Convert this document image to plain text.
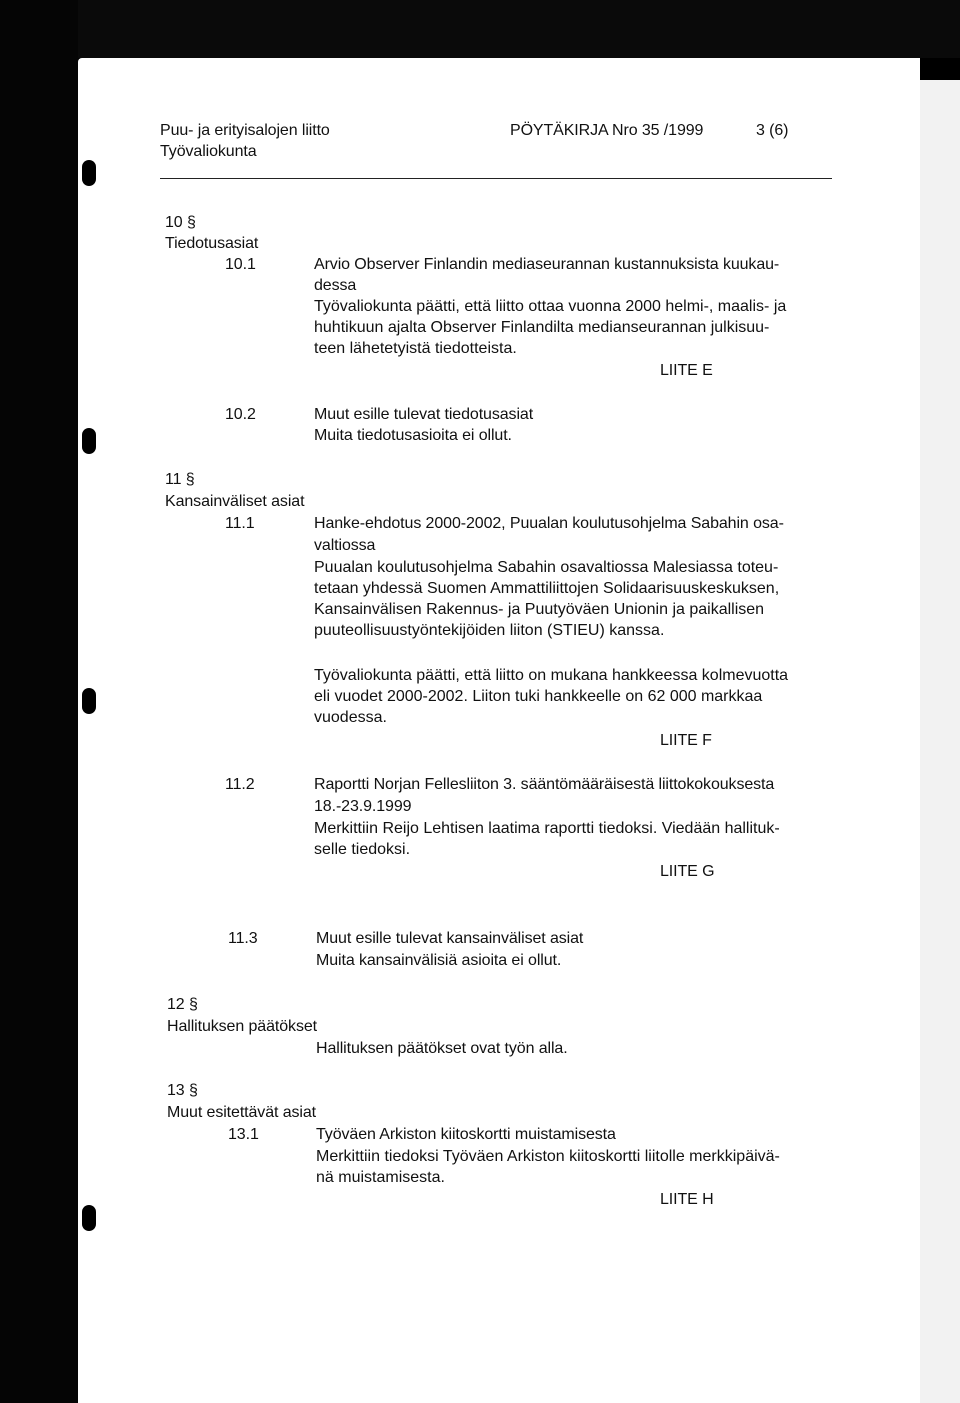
Puu- ja erityisalojen liitto
Työvaliokunta
PÖYTÄKIRJA Nro 35 /1999	3 (6)
10 §
Tiedotusasiat
10.1	Arvio Observer Finlandin mediaseurannan kustannuksista kuukau-
dessa

Työvaliokunta päätti, että liitto ottaa vuonna 2000 helmi-, maalis- ja

huhtikuun ajalta Observer Finlandilta medianseurannan julkisuu-

teen lähetetyistä tiedotteista.

LIITE E
10.2	Muut esille tulevat tiedotusasiat
Muita tiedotusasioita ei ollut.
11 §
Kansainväliset asiat
11.1	Hanke-ehdotus 2000-2002, Puualan koulutusohjelma Sabahin osa-
valtiossa

Puualan koulutusohjelma Sabahin osavaltiossa Malesiassa toteu-

tetaan yhdessä Suomen Ammattiliittojen Solidaarisuuskeskuksen,

Kansainvälisen Rakennus- ja Puutyöväen Unionin ja paikallisen

puuteollisuustyöntekijöiden liiton (STIEU) kanssa.

Työvaliokunta päätti, että liitto on mukana hankkeessa kolmevuotta

eli vuodet 2000-2002. Liiton tuki hankkeelle on 62 000 markkaa

vuodessa.

LIITE F
11.2	Raportti Norjan Fellesliiton 3. sääntömääräisestä liittokokouksesta
18.-23.9.1999

Merkittiin Reijo Lehtisen laatima raportti tiedoksi. Viedään hallituk-

selle tiedoksi.

LIITE G
11.3	Muut esille tulevat kansainväliset asiat
Muita kansainvälisiä asioita ei ollut.
12 §
Hallituksen päätökset
Hallituksen päätökset ovat työn alla.
13 §
Muut esitettävät asiat
13.1	Työväen Arkiston kiitoskortti muistamisesta

Merkittiin tiedoksi Työväen Arkiston kiitoskortti liitolle merkkipäivä-

nä muistamisesta.

LIITE H
